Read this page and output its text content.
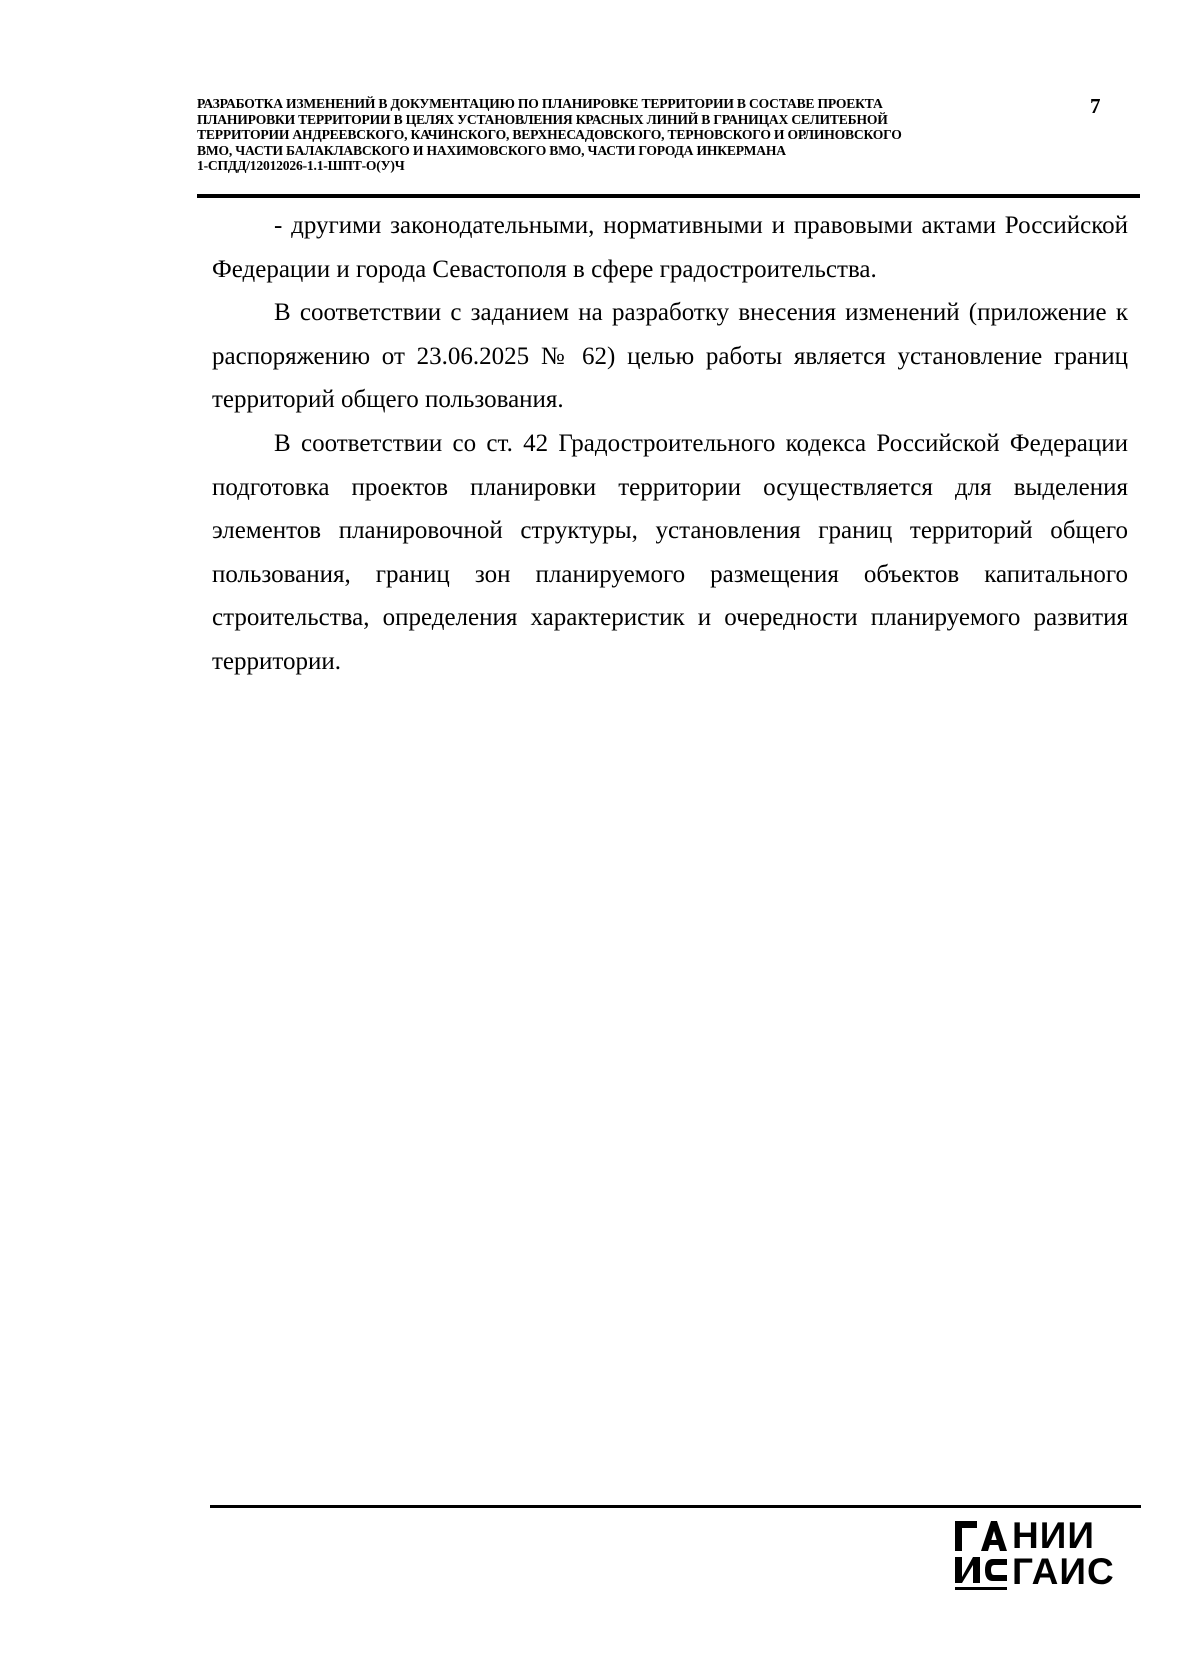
РАЗРАБОТКА ИЗМЕНЕНИЙ В ДОКУМЕНТАЦИЮ ПО ПЛАНИРОВКЕ ТЕРРИТОРИИ В СОСТАВЕ ПРОЕКТА
ПЛАНИРОВКИ ТЕРРИТОРИИ В ЦЕЛЯХ УСТАНОВЛЕНИЯ КРАСНЫХ ЛИНИЙ В ГРАНИЦАХ СЕЛИТЕБНОЙ
ТЕРРИТОРИИ АНДРЕЕВСКОГО, КАЧИНСКОГО, ВЕРХНЕСАДОВСКОГО, ТЕРНОВСКОГО И ОРЛИНОВСКОГО
ВМО, ЧАСТИ БАЛАКЛАВСКОГО И НАХИМОВСКОГО ВМО, ЧАСТИ ГОРОДА ИНКЕРМАНА
1-СПДД/12012026-1.1-ШПТ-О(У)Ч
7

- другими законодательными, нормативными и правовыми актами Российской Федерации и города Севастополя в сфере градостроительства.

В соответствии с заданием на разработку внесения изменений (приложение к распоряжению от 23.06.2025 № 62) целью работы является установление границ территорий общего пользования.

В соответствии со ст. 42 Градостроительного кодекса Российской Федерации подготовка проектов планировки территории осуществляется для выделения элементов планировочной структуры, установления границ территорий общего пользования, границ зон планируемого размещения объектов капитального строительства, определения характеристик и очередности планируемого развития территории.

НИИ
ГАИС
